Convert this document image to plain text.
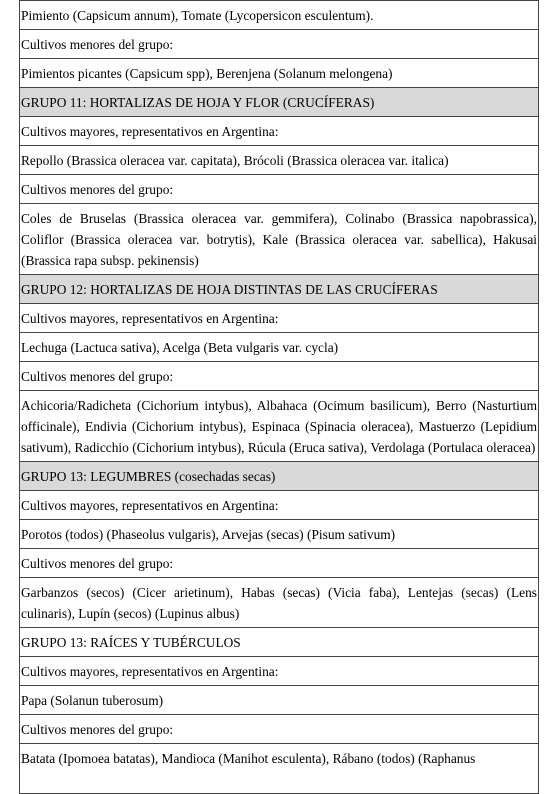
Pimiento (Capsicum annum), Tomate (Lycopersicon esculentum).
Cultivos menores del grupo:
Pimientos picantes (Capsicum spp), Berenjena (Solanum melongena)
GRUPO 11: HORTALIZAS DE HOJA Y FLOR (CRUCÍFERAS)
Cultivos mayores, representativos en Argentina:
Repollo (Brassica oleracea var. capitata), Brócoli (Brassica oleracea var. italica)
Cultivos menores del grupo:
Coles de Bruselas (Brassica oleracea var. gemmifera), Colinabo (Brassica napobrassica), Coliflor (Brassica oleracea var. botrytis), Kale (Brassica oleracea var. sabellica), Hakusai (Brassica rapa subsp. pekinensis)
GRUPO 12: HORTALIZAS DE HOJA DISTINTAS DE LAS CRUCÍFERAS
Cultivos mayores, representativos en Argentina:
Lechuga (Lactuca sativa), Acelga (Beta vulgaris var. cycla)
Cultivos menores del grupo:
Achicoria/Radicheta (Cichorium intybus), Albahaca (Ocimum basilicum), Berro (Nasturtium officinale), Endivia (Cichorium intybus), Espinaca (Spinacia oleracea), Mastuerzo (Lepidium sativum), Radicchio (Cichorium intybus), Rúcula (Eruca sativa), Verdolaga (Portulaca oleracea)
GRUPO 13: LEGUMBRES (cosechadas secas)
Cultivos mayores, representativos en Argentina:
Porotos (todos) (Phaseolus vulgaris), Arvejas (secas) (Pisum sativum)
Cultivos menores del grupo:
Garbanzos (secos) (Cicer arietinum), Habas (secas) (Vicia faba), Lentejas (secas) (Lens culinaris), Lupín (secos) (Lupinus albus)
GRUPO 13: RAÍCES Y TUBÉRCULOS
Cultivos mayores, representativos en Argentina:
Papa (Solanun tuberosum)
Cultivos menores del grupo:

Batata (Ipomoea batatas), Mandioca (Manihot esculenta), Rábano (todos) (Raphanus
